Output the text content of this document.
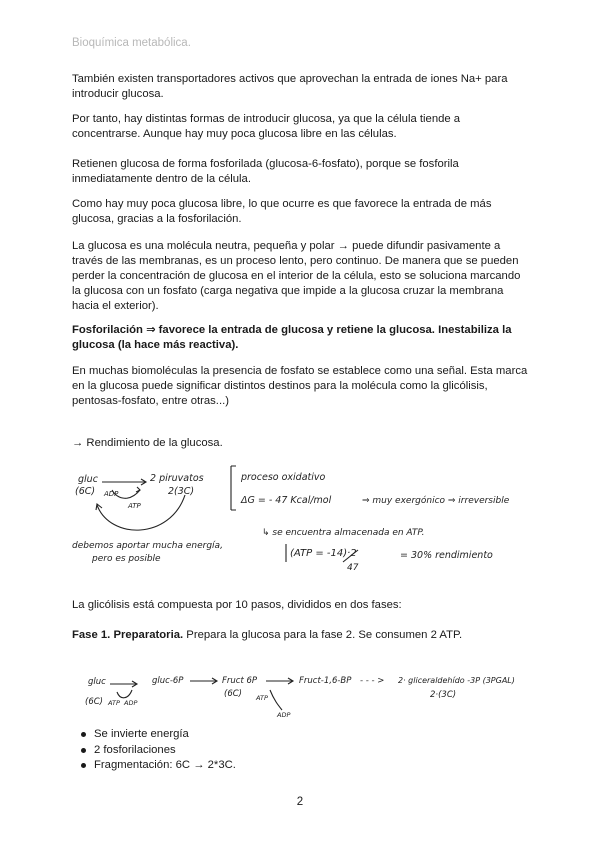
Bioquímica metabólica.
También existen transportadores activos que aprovechan la entrada de iones Na+ para introducir glucosa.
Por tanto, hay distintas formas de introducir glucosa, ya que la célula tiende a concentrarse. Aunque hay muy poca glucosa libre en las células.
Retienen glucosa de forma fosforilada (glucosa-6-fosfato), porque se fosforila inmediatamente dentro de la célula.
Como hay muy poca glucosa libre, lo que ocurre es que favorece la entrada de más glucosa, gracias a la fosforilación.
La glucosa es una molécula neutra, pequeña y polar → puede difundir pasivamente a través de las membranas, es un proceso lento, pero continuo. De manera que se pueden perder la concentración de glucosa en el interior de la célula, esto se soluciona marcando la glucosa con un fosfato (carga negativa que impide a la glucosa cruzar la membrana hacia el exterior).
Fosforilación ⇒ favorece la entrada de glucosa y retiene la glucosa. Inestabiliza la glucosa (la hace más reactiva).
En muchas biomoléculas la presencia de fosfato se establece como una señal. Esta marca en la glucosa puede significar distintos destinos para la molécula como la glicólisis, pentosas-fosfato, entre otras...)
→ Rendimiento de la glucosa.
gluc
(6C) ADP
ATP
2 piruvatos
2(3C)
proceso oxidativo
ΔG = - 47 Kcal/mol	⇒ muy exergónico ⇒ irreversible
↳ se encuentra almacenada en ATP.
(ATP = -14)·2
47
= 30% rendimiento
debemos aportar mucha energía,
pero es posible
La glicólisis está compuesta por 10 pasos, divididos en dos fases:
Fase 1. Preparatoria. Prepara la glucosa para la fase 2. Se consumen 2 ATP.
gluc
(6C) ATP ADP
gluc-6P	Fruct 6P
(6C) ATP
ADP
Fruct-1,6-BP - - - > 2· gliceraldehído -3P (3PGAL)
2·(3C)
Se invierte energía
2 fosforilaciones
Fragmentación: 6C → 2*3C.
2
